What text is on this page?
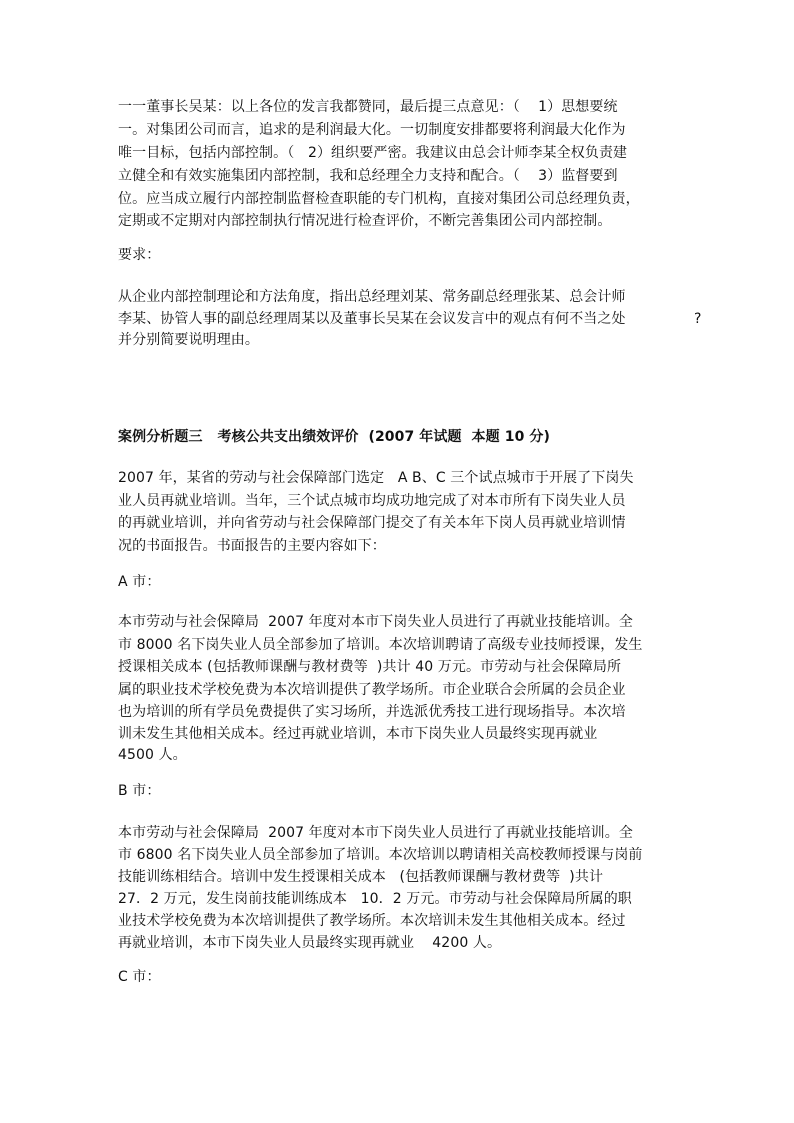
一一董事长吴某：以上各位的发言我都赞同，最后提三点意见：（    1）思想要统
一。对集团公司而言，追求的是利润最大化。一切制度安排都要将利润最大化作为
唯一目标，包括内部控制。（   2）组织要严密。我建议由总会计师李某全权负责建
立健全和有效实施集团内部控制，我和总经理全力支持和配合。（    3）监督要到
位。应当成立履行内部控制监督检查职能的专门机构，直接对集团公司总经理负责，
定期或不定期对内部控制执行情况进行检查评价，不断完善集团公司内部控制。
要求：
从企业内部控制理论和方法角度，指出总经理刘某、常务副总经理张某、总会计师
李某、协管人事的副总经理周某以及董事长吴某在会议发言中的观点有何不当之处	?
并分别简要说明理由。
案例分析题三   考核公共支出绩效评价  (2007 年试题  本题 10 分)
2007 年，某省的劳动与社会保障部门选定   A B、C 三个试点城市于开展了下岗失
业人员再就业培训。当年，三个试点城市均成功地完成了对本市所有下岗失业人员
的再就业培训，并向省劳动与社会保障部门提交了有关本年下岗人员再就业培训情
况的书面报告。书面报告的主要内容如下：
A 市：
本市劳动与社会保障局  2007 年度对本市下岗失业人员进行了再就业技能培训。全
市 8000 名下岗失业人员全部参加了培训。本次培训聘请了高级专业技师授课，发生
授课相关成本 (包括教师课酬与教材费等  )共计 40 万元。市劳动与社会保障局所
属的职业技术学校免费为本次培训提供了教学场所。市企业联合会所属的会员企业
也为培训的所有学员免费提供了实习场所，并选派优秀技工进行现场指导。本次培
训未发生其他相关成本。经过再就业培训，本市下岗失业人员最终实现再就业
4500 人。
B 市：
本市劳动与社会保障局  2007 年度对本市下岗失业人员进行了再就业技能培训。全
市 6800 名下岗失业人员全部参加了培训。本次培训以聘请相关高校教师授课与岗前
技能训练相结合。培训中发生授课相关成本   (包括教师课酬与教材费等  )共计
27．2 万元，发生岗前技能训练成本   10．2 万元。市劳动与社会保障局所属的职
业技术学校免费为本次培训提供了教学场所。本次培训未发生其他相关成本。经过
再就业培训，本市下岗失业人员最终实现再就业    4200 人。
C 市：
